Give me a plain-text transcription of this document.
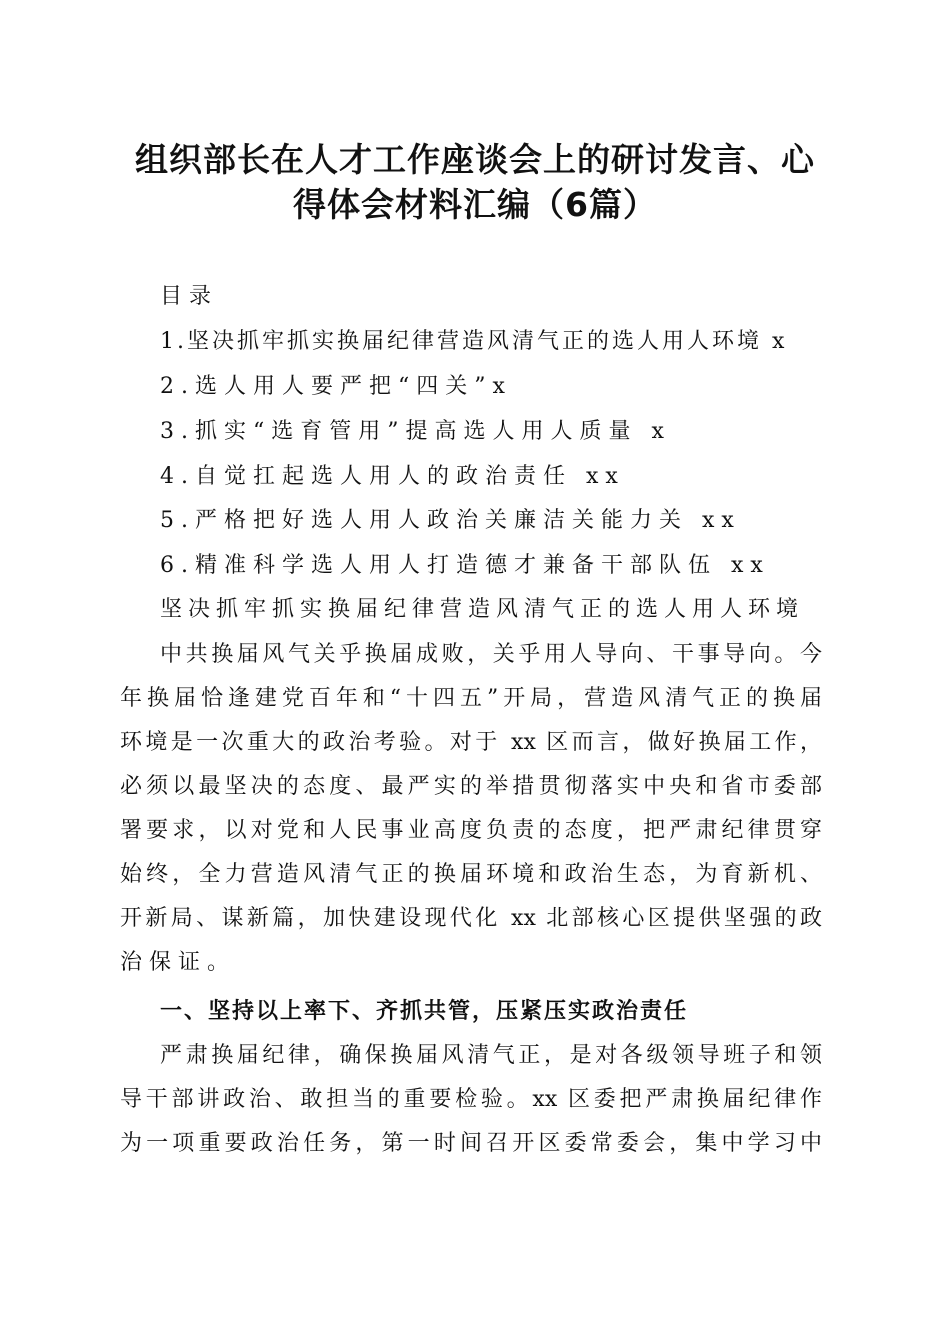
组织部长在人才工作座谈会上的研讨发言、心
得体会材料汇编（6篇）
目录
1.坚决抓牢抓实换届纪律营造风清气正的选人用人环境 x
2.选人用人要严把“四关”x
3.抓实“选育管用”提高选人用人质量 x
4.自觉扛起选人用人的政治责任 xx
5.严格把好选人用人政治关廉洁关能力关 xx
6.精准科学选人用人打造德才兼备干部队伍 xx
坚决抓牢抓实换届纪律营造风清气正的选人用人环境
中共换届风气关乎换届成败，关乎用人导向、干事导向。今
年换届恰逢建党百年和“十四五”开局，营造风清气正的换届
环境是一次重大的政治考验。对于 xx 区而言，做好换届工作，
必须以最坚决的态度、最严实的举措贯彻落实中央和省市委部
署要求，以对党和人民事业高度负责的态度，把严肃纪律贯穿
始终，全力营造风清气正的换届环境和政治生态，为育新机、
开新局、谋新篇，加快建设现代化 xx 北部核心区提供坚强的政
治保证。
一、坚持以上率下、齐抓共管，压紧压实政治责任
严肃换届纪律，确保换届风清气正，是对各级领导班子和领
导干部讲政治、敢担当的重要检验。xx 区委把严肃换届纪律作
为一项重要政治任务，第一时间召开区委常委会，集中学习中
